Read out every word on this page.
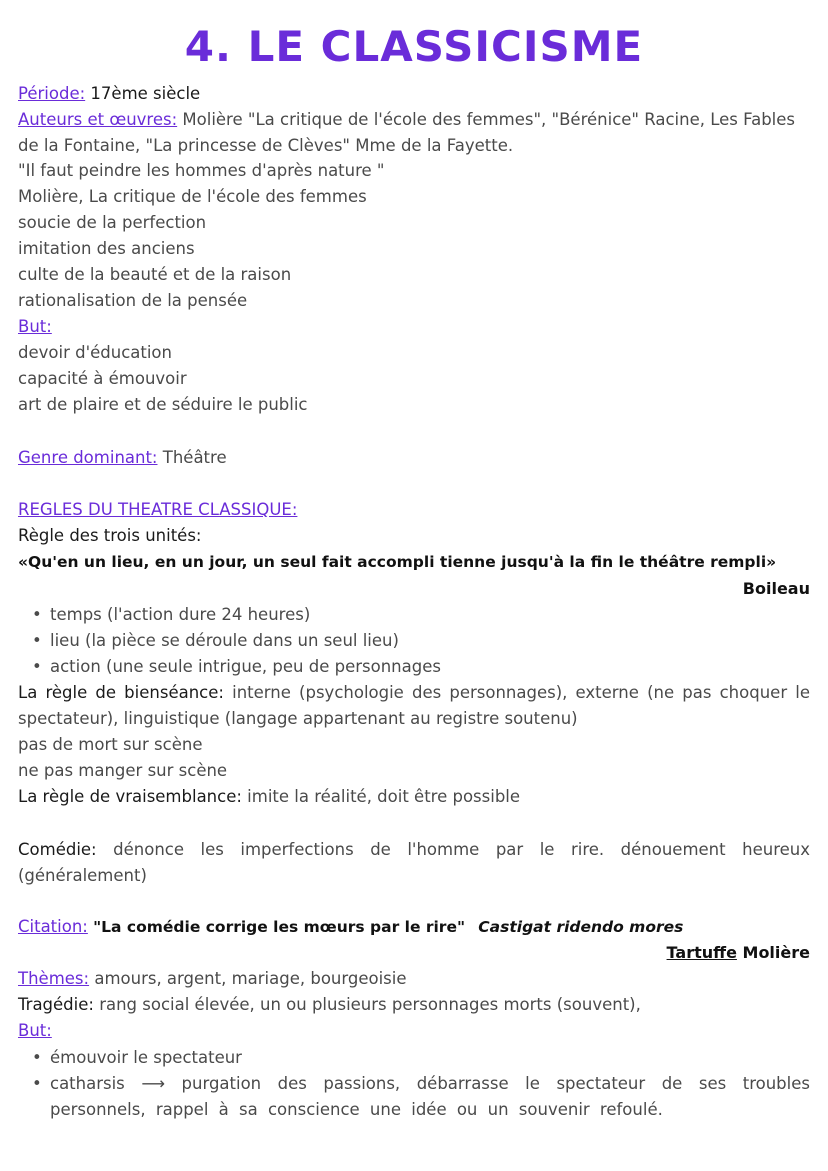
4. LE CLASSICISME
Période: 17ème siècle
Auteurs et œuvres: Molière "La critique de l'école des femmes", "Bérénice" Racine, Les Fables de la Fontaine, "La princesse de Clèves" Mme de la Fayette.
"Il faut peindre les hommes d'après nature "
Molière, La critique de l'école des femmes
soucie de la perfection
imitation des anciens
culte de la beauté et de la raison
rationalisation de la pensée
But:
devoir d'éducation
capacité à émouvoir
art de plaire et de séduire le public
Genre dominant: Théâtre
REGLES DU THEATRE CLASSIQUE:
Règle des trois unités:
«Qu'en un lieu, en un jour, un seul fait accompli tienne jusqu'à la fin le théâtre rempli»
Boileau
• temps (l'action dure 24 heures)
• lieu (la pièce se déroule dans un seul lieu)
• action (une seule intrigue, peu de personnages
La règle de bienséance: interne (psychologie des personnages), externe (ne pas choquer le spectateur), linguistique (langage appartenant au registre soutenu)
pas de mort sur scène
ne pas manger sur scène
La règle de vraisemblance: imite la réalité, doit être possible
Comédie: dénonce les imperfections de l'homme par le rire. dénouement heureux (généralement)
Citation: "La comédie corrige les mœurs par le rire" Castigat ridendo mores
Tartuffe Molière
Thèmes: amours, argent, mariage, bourgeoisie
Tragédie: rang social élevée, un ou plusieurs personnages morts (souvent),
But:
• émouvoir le spectateur
• catharsis ⟶ purgation des passions, débarrasse le spectateur de ses troubles personnels, rappel à sa conscience une idée ou un souvenir refoulé.
